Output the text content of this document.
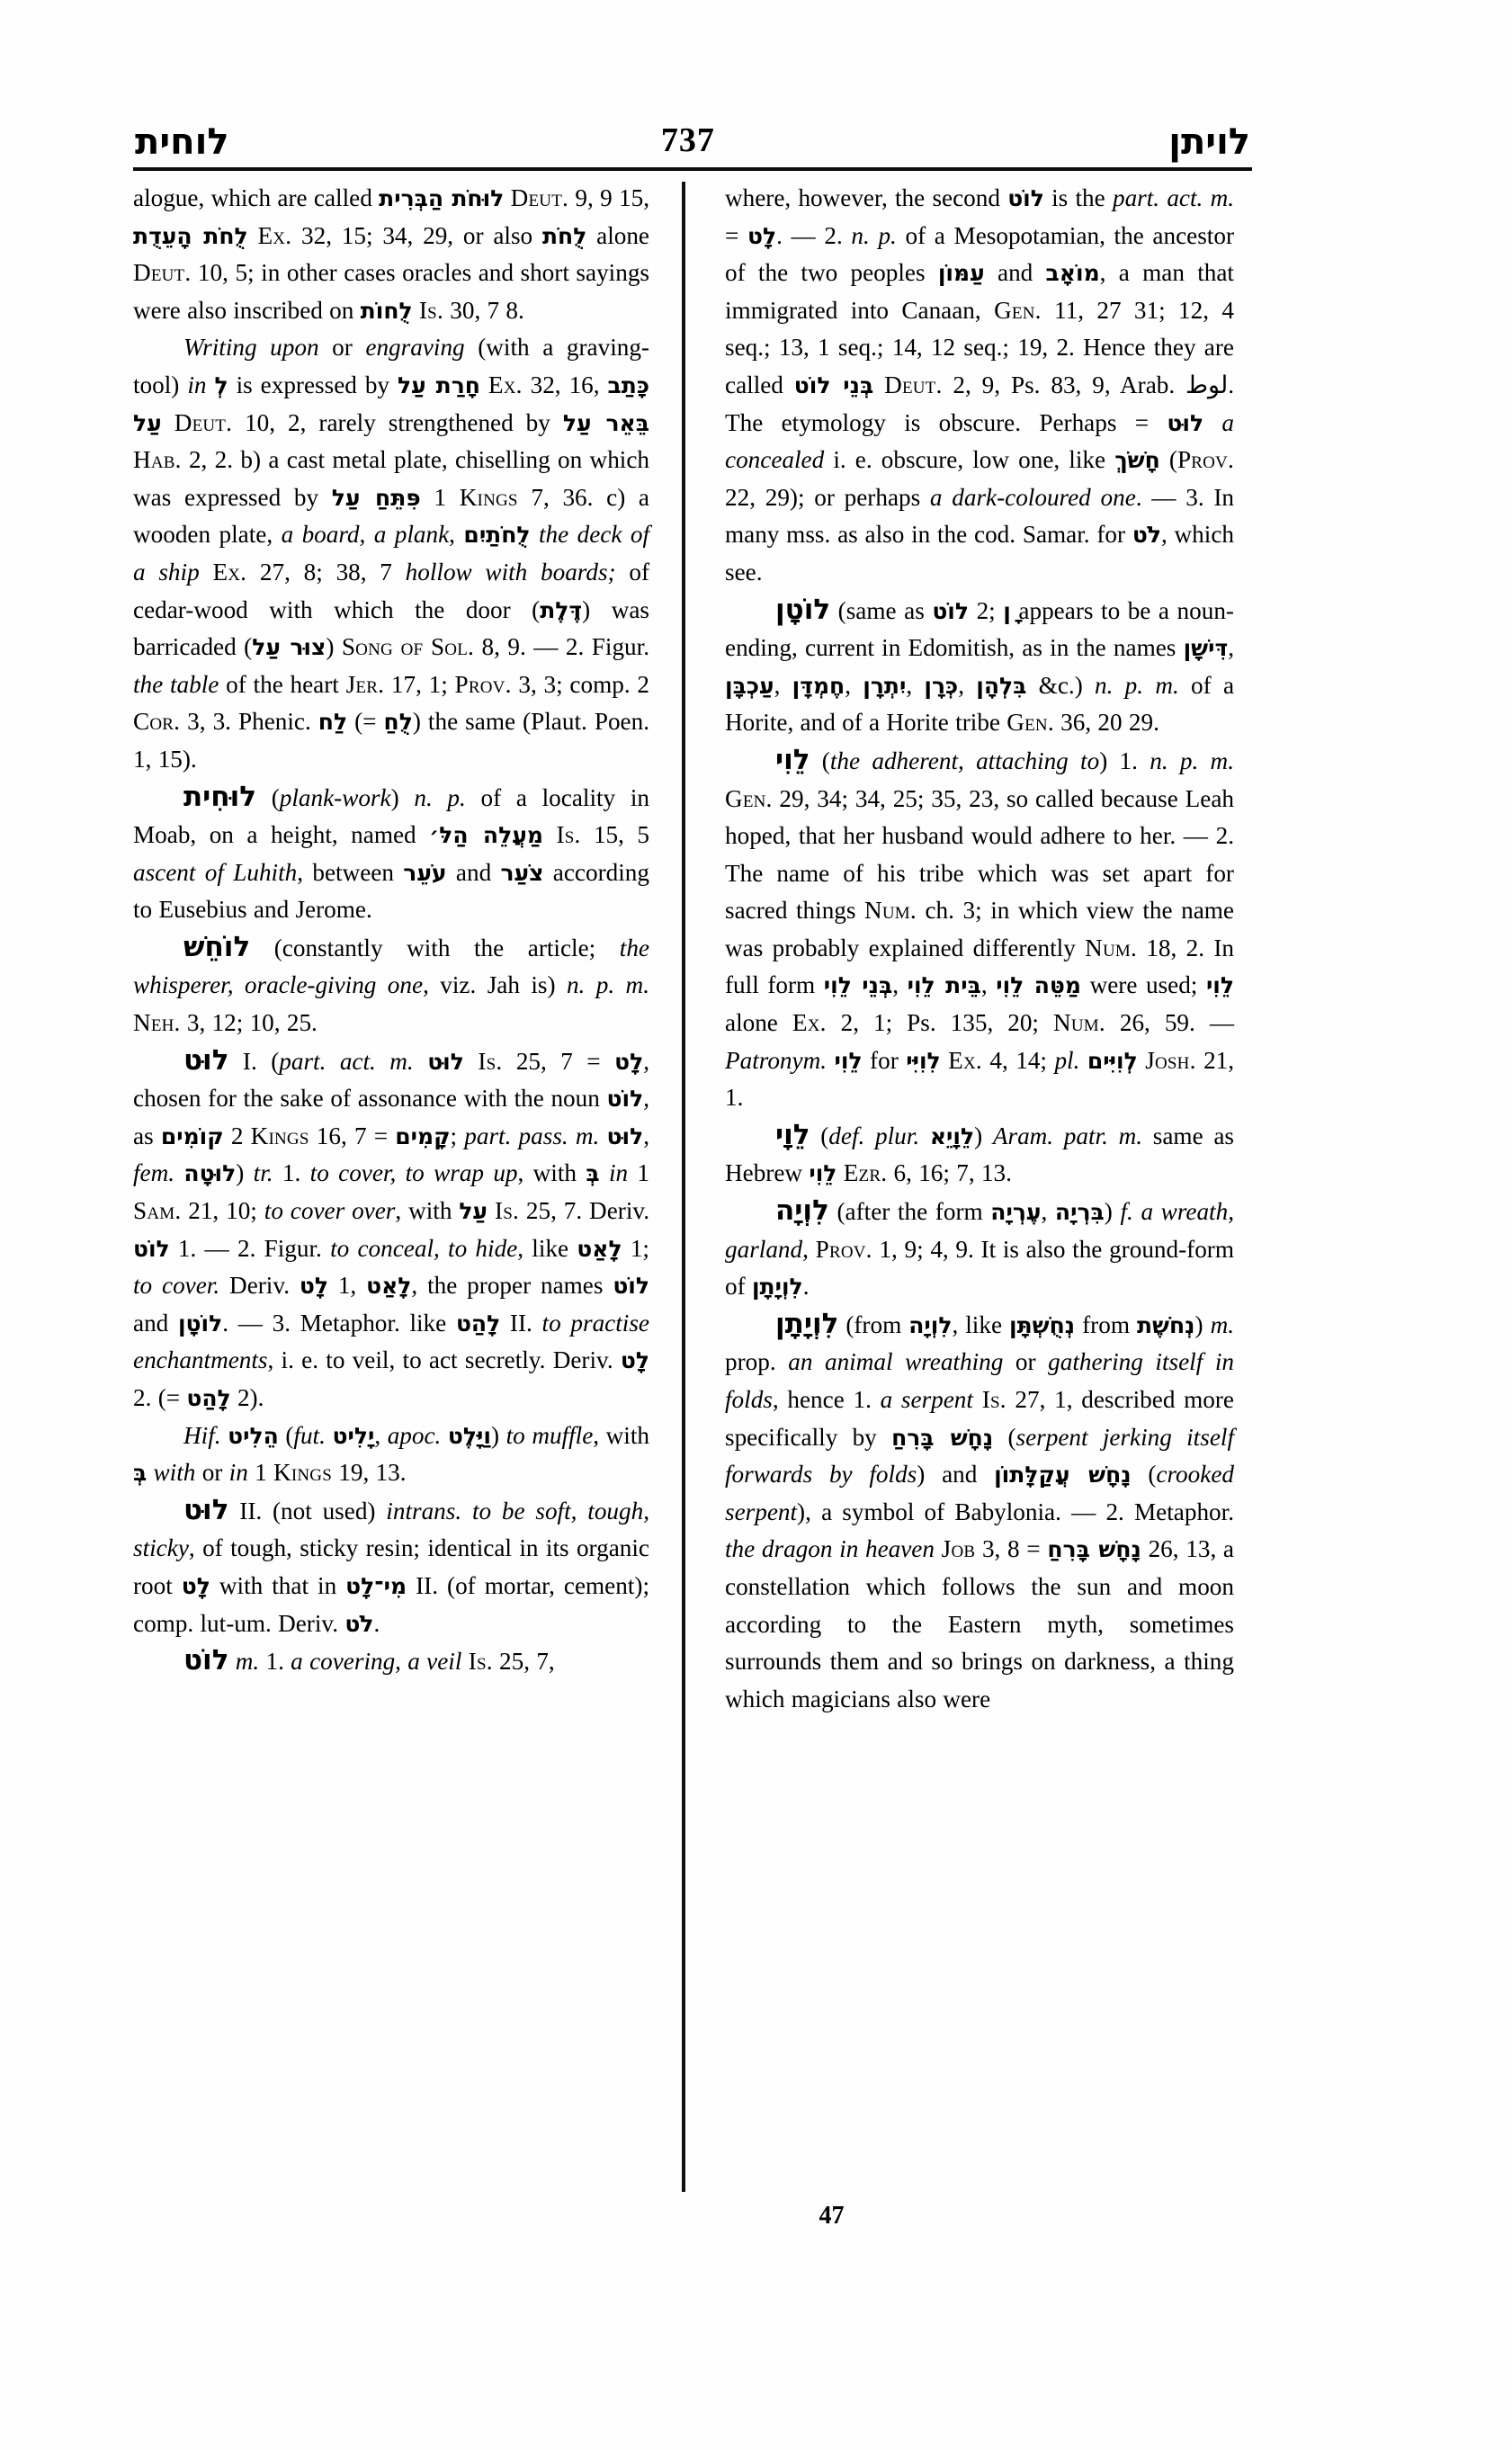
לוחית	737	לויתן

alogue, which are called לוּחֹת הַבְּרִית Deut. 9, 9 15, לֻחֹת הָעֵדֻת Ex. 32, 15; 34, 29, or also לֻחֹת alone Deut. 10, 5; in other cases oracles and short sayings were also inscribed on לֻחוֹת Is. 30, 7 8.

Writing upon or engraving (with a graving-tool) in לְ is expressed by חָרַת עַל Ex. 32, 16, כָּתַב עַל Deut. 10, 2, rarely strengthened by בֵּאֵר עַל Hab. 2, 2. b) a cast metal plate, chiselling on which was expressed by פִּתֵּחַ עַל 1 Kings 7, 36. c) a wooden plate, a board, a plank, לֻחֹתַיִם the deck of a ship Ex. 27, 8; 38, 7 hollow with boards; of cedar-wood with which the door (דֶּלֶת) was barricaded (צוּר עַל) Song of Sol. 8, 9. — 2. Figur. the table of the heart Jer. 17, 1; Prov. 3, 3; comp. 2 Cor. 3, 3. Phenic. לַח (= לֻחַ) the same (Plaut. Poen. 1, 15).

לוּחִית (plank-work) n. p. of a locality in Moab, on a height, named מַעֲלֵה הַלּ׳ Is. 15, 5 ascent of Luhith, between עֹעֵר and צֹעַר according to Eusebius and Jerome.

לוֹחֵשׁ (constantly with the article; the whisperer, oracle-giving one, viz. Jah is) n. p. m. Neh. 3, 12; 10, 25.

לוּט I. (part. act. m. לוּט Is. 25, 7 = לָט, chosen for the sake of assonance with the noun לוֹט, as קוֹמִים 2 Kings 16, 7 = קָמִים; part. pass. m. לוּט, fem. לוּטָה) tr. 1. to cover, to wrap up, with בְּ in 1 Sam. 21, 10; to cover over, with עַל Is. 25, 7. Deriv. לוֹט 1. — 2. Figur. to conceal, to hide, like לָאַט 1; to cover. Deriv. לָט 1, לָאַט, the proper names לוֹט and לוֹטָן. — 3. Metaphor. like לָהַט II. to practise enchantments, i. e. to veil, to act secretly. Deriv. לָט 2. (= לָהַט 2).

Hif. הֵלִיט (fut. יָלִיט, apoc. וַיָּלֶט) to muffle, with בְּ with or in 1 Kings 19, 13.

לוּט II. (not used) intrans. to be soft, tough, sticky, of tough, sticky resin; identical in its organic root לָט with that in מִי־לָט II. (of mortar, cement); comp. lut-um. Deriv. לֹט.

לוֹט m. 1. a covering, a veil Is. 25, 7,

where, however, the second לוֹט is the part. act. m. = לָט. — 2. n. p. of a Mesopotamian, the ancestor of the two peoples עַמּוֹן and מוֹאָב, a man that immigrated into Canaan, Gen. 11, 27 31; 12, 4 seq.; 13, 1 seq.; 14, 12 seq.; 19, 2. Hence they are called בְּנֵי לוֹט Deut. 2, 9, Ps. 83, 9, Arab. لوط. The etymology is obscure. Perhaps = לוּט a concealed i. e. obscure, low one, like חָשֹׁךְ (Prov. 22, 29); or perhaps a dark-coloured one. — 3. In many mss. as also in the cod. Samar. for לֹט, which see.

לוֹטָן (same as לוֹט 2; ָן appears to be a noun-ending, current in Edomitish, as in the names דִּישָׁן, עַכְבָּן, חֶמְדָּן, יִתְרָן, כְּרָן, בִּלְהָן &c.) n. p. m. of a Horite, and of a Horite tribe Gen. 36, 20 29.

לֵוִי (the adherent, attaching to) 1. n. p. m. Gen. 29, 34; 34, 25; 35, 23, so called because Leah hoped, that her husband would adhere to her. — 2. The name of his tribe which was set apart for sacred things Num. ch. 3; in which view the name was probably explained differently Num. 18, 2. In full form בְּנֵי לֵוִי, בֵּית לֵוִי, מַטֵּה לֵוִי were used; לֵוִי alone Ex. 2, 1; Ps. 135, 20; Num. 26, 59. — Patronym. לֵוִי for לִוִיִּי Ex. 4, 14; pl. לְוִיִּים Josh. 21, 1.

לֵוָי (def. plur. לֵוָיֵא) Aram. patr. m. same as Hebrew לֵוִי Ezr. 6, 16; 7, 13.

לִוְיָה (after the form עֶרְיָה, בִּרְיָה) f. a wreath, garland, Prov. 1, 9; 4, 9. It is also the ground-form of לִוְיָתָן.

לִוְיָתָן (from לִוְיָה, like נְחֻשְׁתָּן from נְחֹשֶׁת) m. prop. an animal wreathing or gathering itself in folds, hence 1. a serpent Is. 27, 1, described more specifically by נָחָשׁ בָּרִחַ (serpent jerking itself forwards by folds) and נָחָשׁ עֲקַלָּתוֹן (crooked serpent), a symbol of Babylonia. — 2. Metaphor. the dragon in heaven Job 3, 8 = נָחָשׁ בָּרִחַ 26, 13, a constellation which follows the sun and moon according to the Eastern myth, sometimes surrounds them and so brings on darkness, a thing which magicians also were

47
